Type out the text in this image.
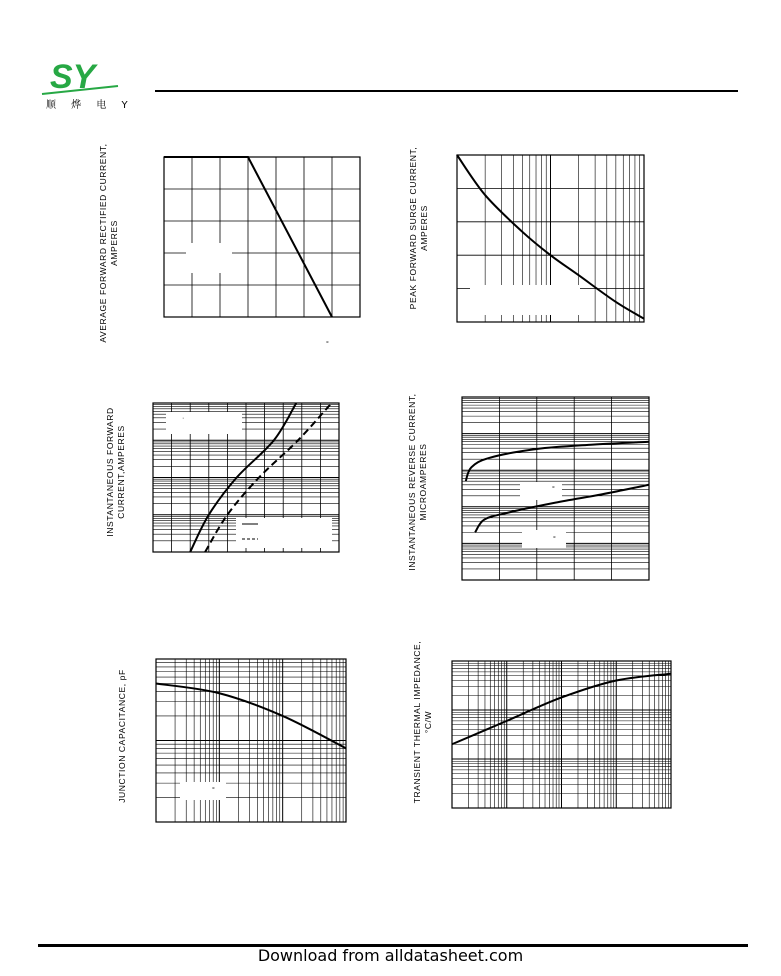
SY
顺 烨 电 Y
AVERAGE FORWARD RECTIFIED CURRENT,
AMPERES	PEAK FORWARD SURGE CURRENT,
AMPERES
INSTANTANEOUS FORWARD
CURRENT,AMPERES	INSTANTANEOUS REVERSE CURRENT,
MICROAMPERES
JUNCTION CAPACITANCE, pF	TRANSIENT THERMAL IMPEDANCE,
°C/W
°
·
°
°
°
Download from alldatasheet.com
